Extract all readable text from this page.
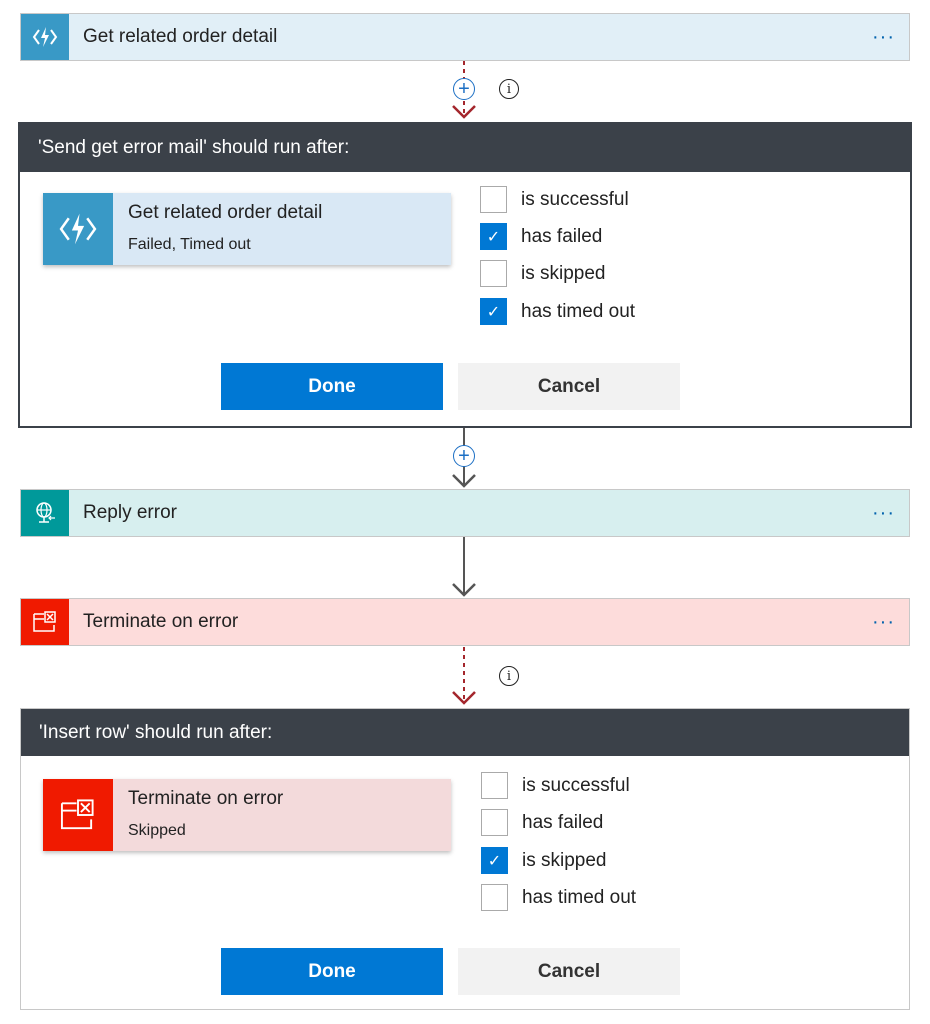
+	i
+
i
Get related order detail	···
'Send get error mail' should run after:
Get related order detail
Failed, Timed out
is successful
✓	has failed
is skipped
✓	has timed out
Done	Cancel
Reply error	···
Terminate on error	···
'Insert row' should run after:
Terminate on error
Skipped
is successful
has failed
✓	is skipped
has timed out
Done	Cancel
